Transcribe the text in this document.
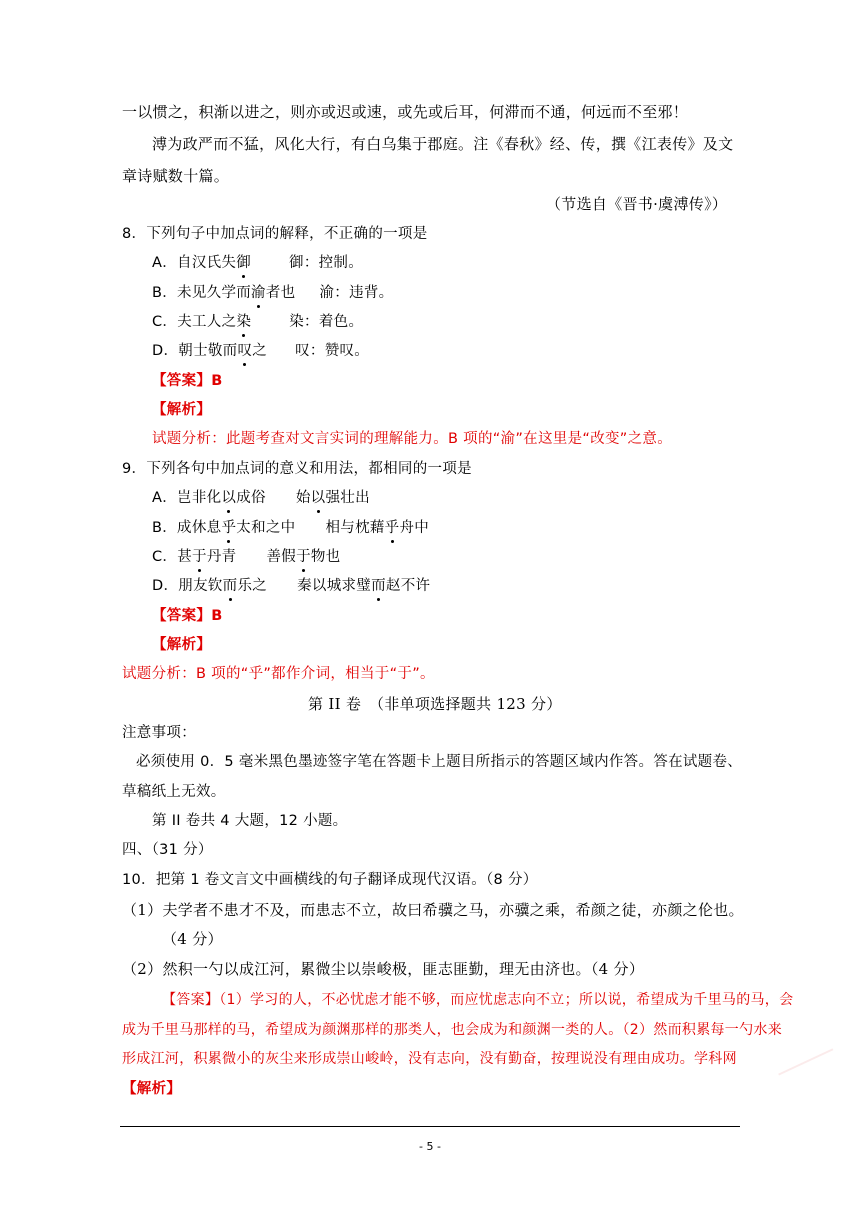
一以惯之，积渐以进之，则亦或迟或速，或先或后耳，何滞而不通，何远而不至邪！
溥为政严而不猛，风化大行，有白乌集于郡庭。注《春秋》经、传，撰《江表传》及文
章诗赋数十篇。
（节选自《晋书·虞溥传》）
8．下列句子中加点词的解释，不正确的一项是
A．自汉氏失御	御：控制。
B．未见久学而渝者也 渝：违背。
C．夫工人之染	染：着色。
D．朝士敬而叹之 叹：赞叹。
【答案】B
【解析】
试题分析：此题考查对文言实词的理解能力。B 项的“渝”在这里是“改变”之意。
9．下列各句中加点词的意义和用法，都相同的一项是
A．岂非化以成俗 始以强壮出
B．成休息乎太和之中 相与枕藉乎舟中
C．甚于丹青 善假于物也
D．朋友钦而乐之 秦以城求璧而赵不许
【答案】B
【解析】
试题分析：B 项的“乎”都作介词，相当于“于”。
第 II 卷　（非单项选择题共 123 分）
注意事项：
必须使用 0．5 毫米黑色墨迹签字笔在答题卡上题目所指示的答题区域内作答。答在试题卷、
草稿纸上无效。
第 II 卷共 4 大题，12 小题。
四、（31 分）
10．把第 1 卷文言文中画横线的句子翻译成现代汉语。（8 分）
（1）夫学者不患才不及，而患志不立，故曰希骥之马，亦骥之乘，希颜之徒，亦颜之伦也。
（4 分）
（2）然积一勺以成江河，累微尘以崇峻极，匪志匪勤，理无由济也。（4 分）
【答案】（1）学习的人，不必忧虑才能不够，而应忧虑志向不立；所以说，希望成为千里马的马，会
成为千里马那样的马，希望成为颜渊那样的那类人，也会成为和颜渊一类的人。（2）然而积累每一勺水来
形成江河，积累微小的灰尘来形成崇山峻岭，没有志向，没有勤奋，按理说没有理由成功。学科网
【解析】
- 5 -
